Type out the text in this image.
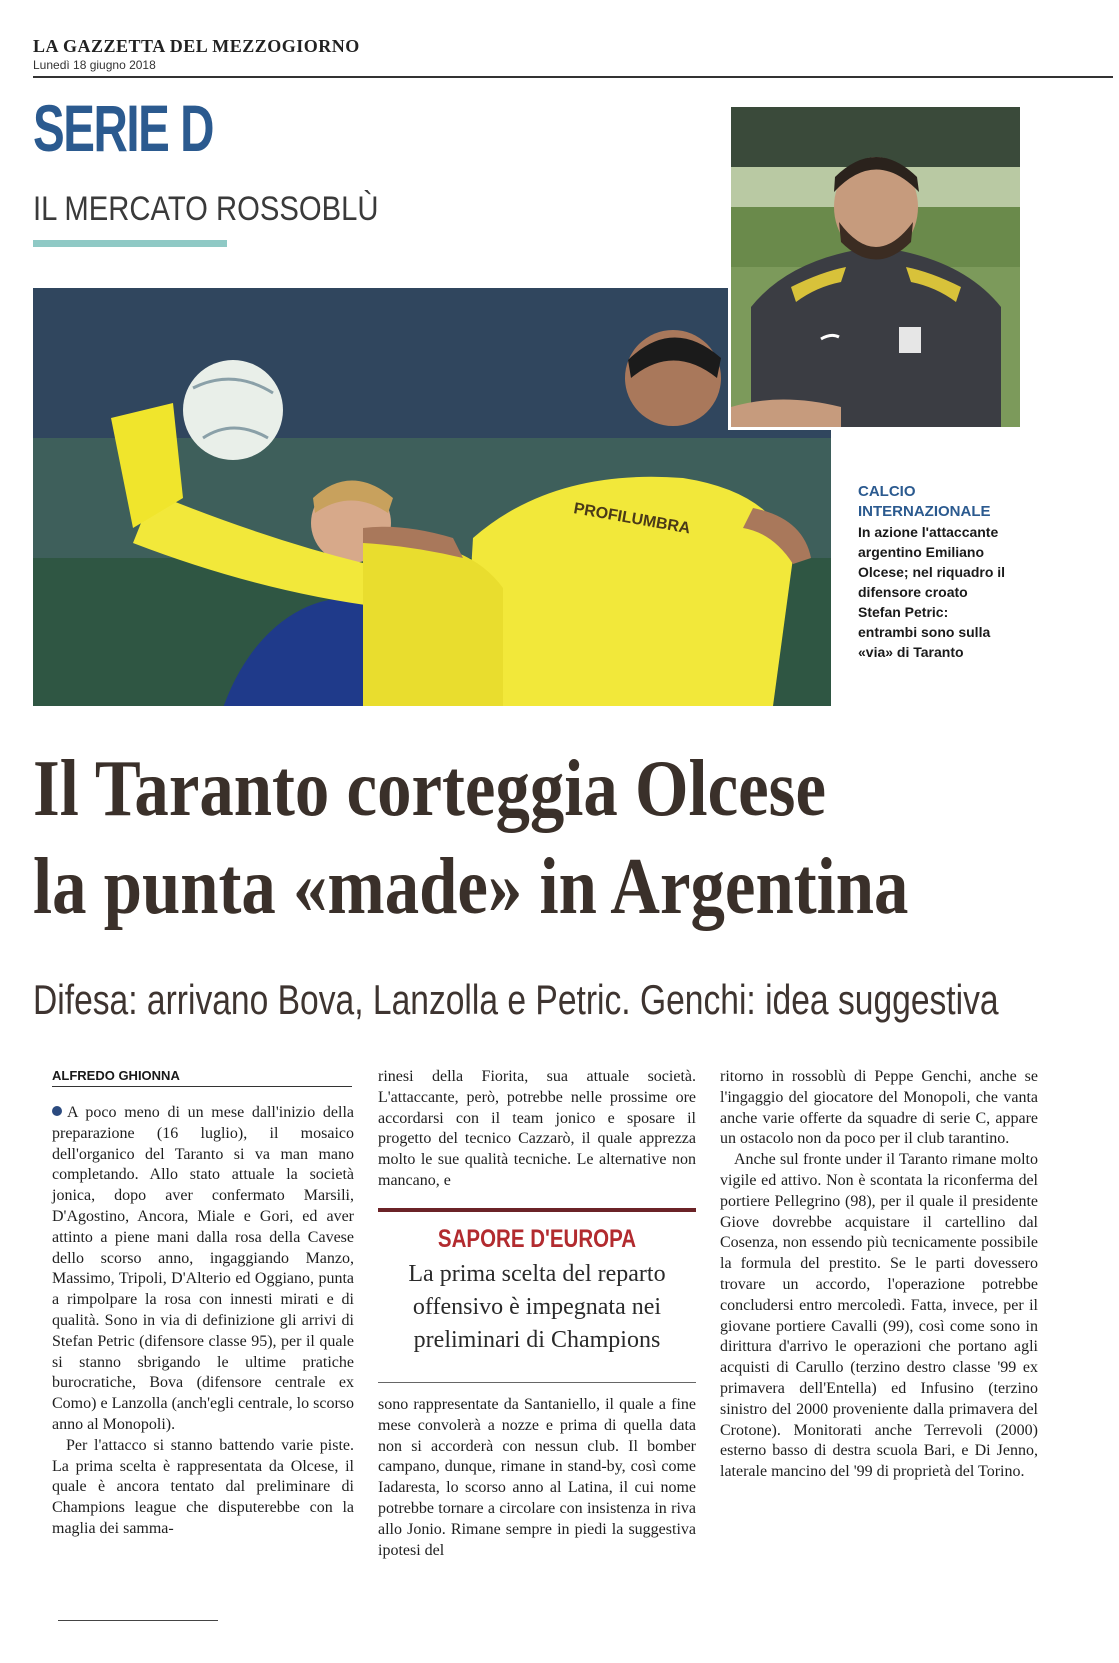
LA GAZZETTA DEL MEZZOGIORNO
Lunedì 18 giugno 2018
SERIE D
IL MERCATO ROSSOBLÙ
PROFILUMBRA
CALCIO
INTERNAZIONALE
In azione l'attaccante
argentino Emiliano
Olcese; nel riquadro il
difensore croato
Stefan Petric:
entrambi sono sulla
«via» di Taranto
Il Taranto corteggia Olcese
la punta «made» in Argentina
Difesa: arrivano Bova, Lanzolla e Petric. Genchi: idea suggestiva
ALFREDO GHIONNA

A poco meno di un mese dall'inizio della preparazione (16 luglio), il mosaico dell'organico del Taranto si va man mano completando. Allo stato attuale la società jonica, dopo aver confermato Marsili, D'Agostino, Ancora, Miale e Gori, ed aver attinto a piene mani dalla rosa della Cavese dello scorso anno, ingaggiando Manzo, Massimo, Tripoli, D'Alterio ed Oggiano, punta a rimpolpare la rosa con innesti mirati e di qualità. Sono in via di definizione gli arrivi di Stefan Petric (difensore classe 95), per il quale si stanno sbrigando le ultime pratiche burocratiche, Bova (difensore centrale ex Como) e Lanzolla (anch'egli centrale, lo scorso anno al Monopoli).

Per l'attacco si stanno battendo varie piste. La prima scelta è rappresentata da Olcese, il quale è ancora tentato dal preliminare di Champions league che disputerebbe con la maglia dei samma-

rinesi della Fiorita, sua attuale società. L'attaccante, però, potrebbe nelle prossime ore accordarsi con il team jonico e sposare il progetto del tecnico Cazzarò, il quale apprezza molto le sue qualità tecniche. Le alternative non mancano, e

SAPORE D'EUROPA
La prima scelta del reparto
offensivo è impegnata nei
preliminari di Champions

sono rappresentate da Santaniello, il quale a fine mese convolerà a nozze e prima di quella data non si accorderà con nessun club. Il bomber campano, dunque, rimane in stand-by, così come Iadaresta, lo scorso anno al Latina, il cui nome potrebbe tornare a circolare con insistenza in riva allo Jonio. Rimane sempre in piedi la suggestiva ipotesi del

ritorno in rossoblù di Peppe Genchi, anche se l'ingaggio del giocatore del Monopoli, che vanta anche varie offerte da squadre di serie C, appare un ostacolo non da poco per il club tarantino.

Anche sul fronte under il Taranto rimane molto vigile ed attivo. Non è scontata la riconferma del portiere Pellegrino (98), per il quale il presidente Giove dovrebbe acquistare il cartellino dal Cosenza, non essendo più tecnicamente possibile la formula del prestito. Se le parti dovessero trovare un accordo, l'operazione potrebbe concludersi entro mercoledì. Fatta, invece, per il giovane portiere Cavalli (99), così come sono in dirittura d'arrivo le operazioni che portano agli acquisti di Carullo (terzino destro classe '99 ex primavera dell'Entella) ed Infusino (terzino sinistro del 2000 proveniente dalla primavera del Crotone). Monitorati anche Terrevoli (2000) esterno basso di destra scuola Bari, e Di Jenno, laterale mancino del '99 di proprietà del Torino.
